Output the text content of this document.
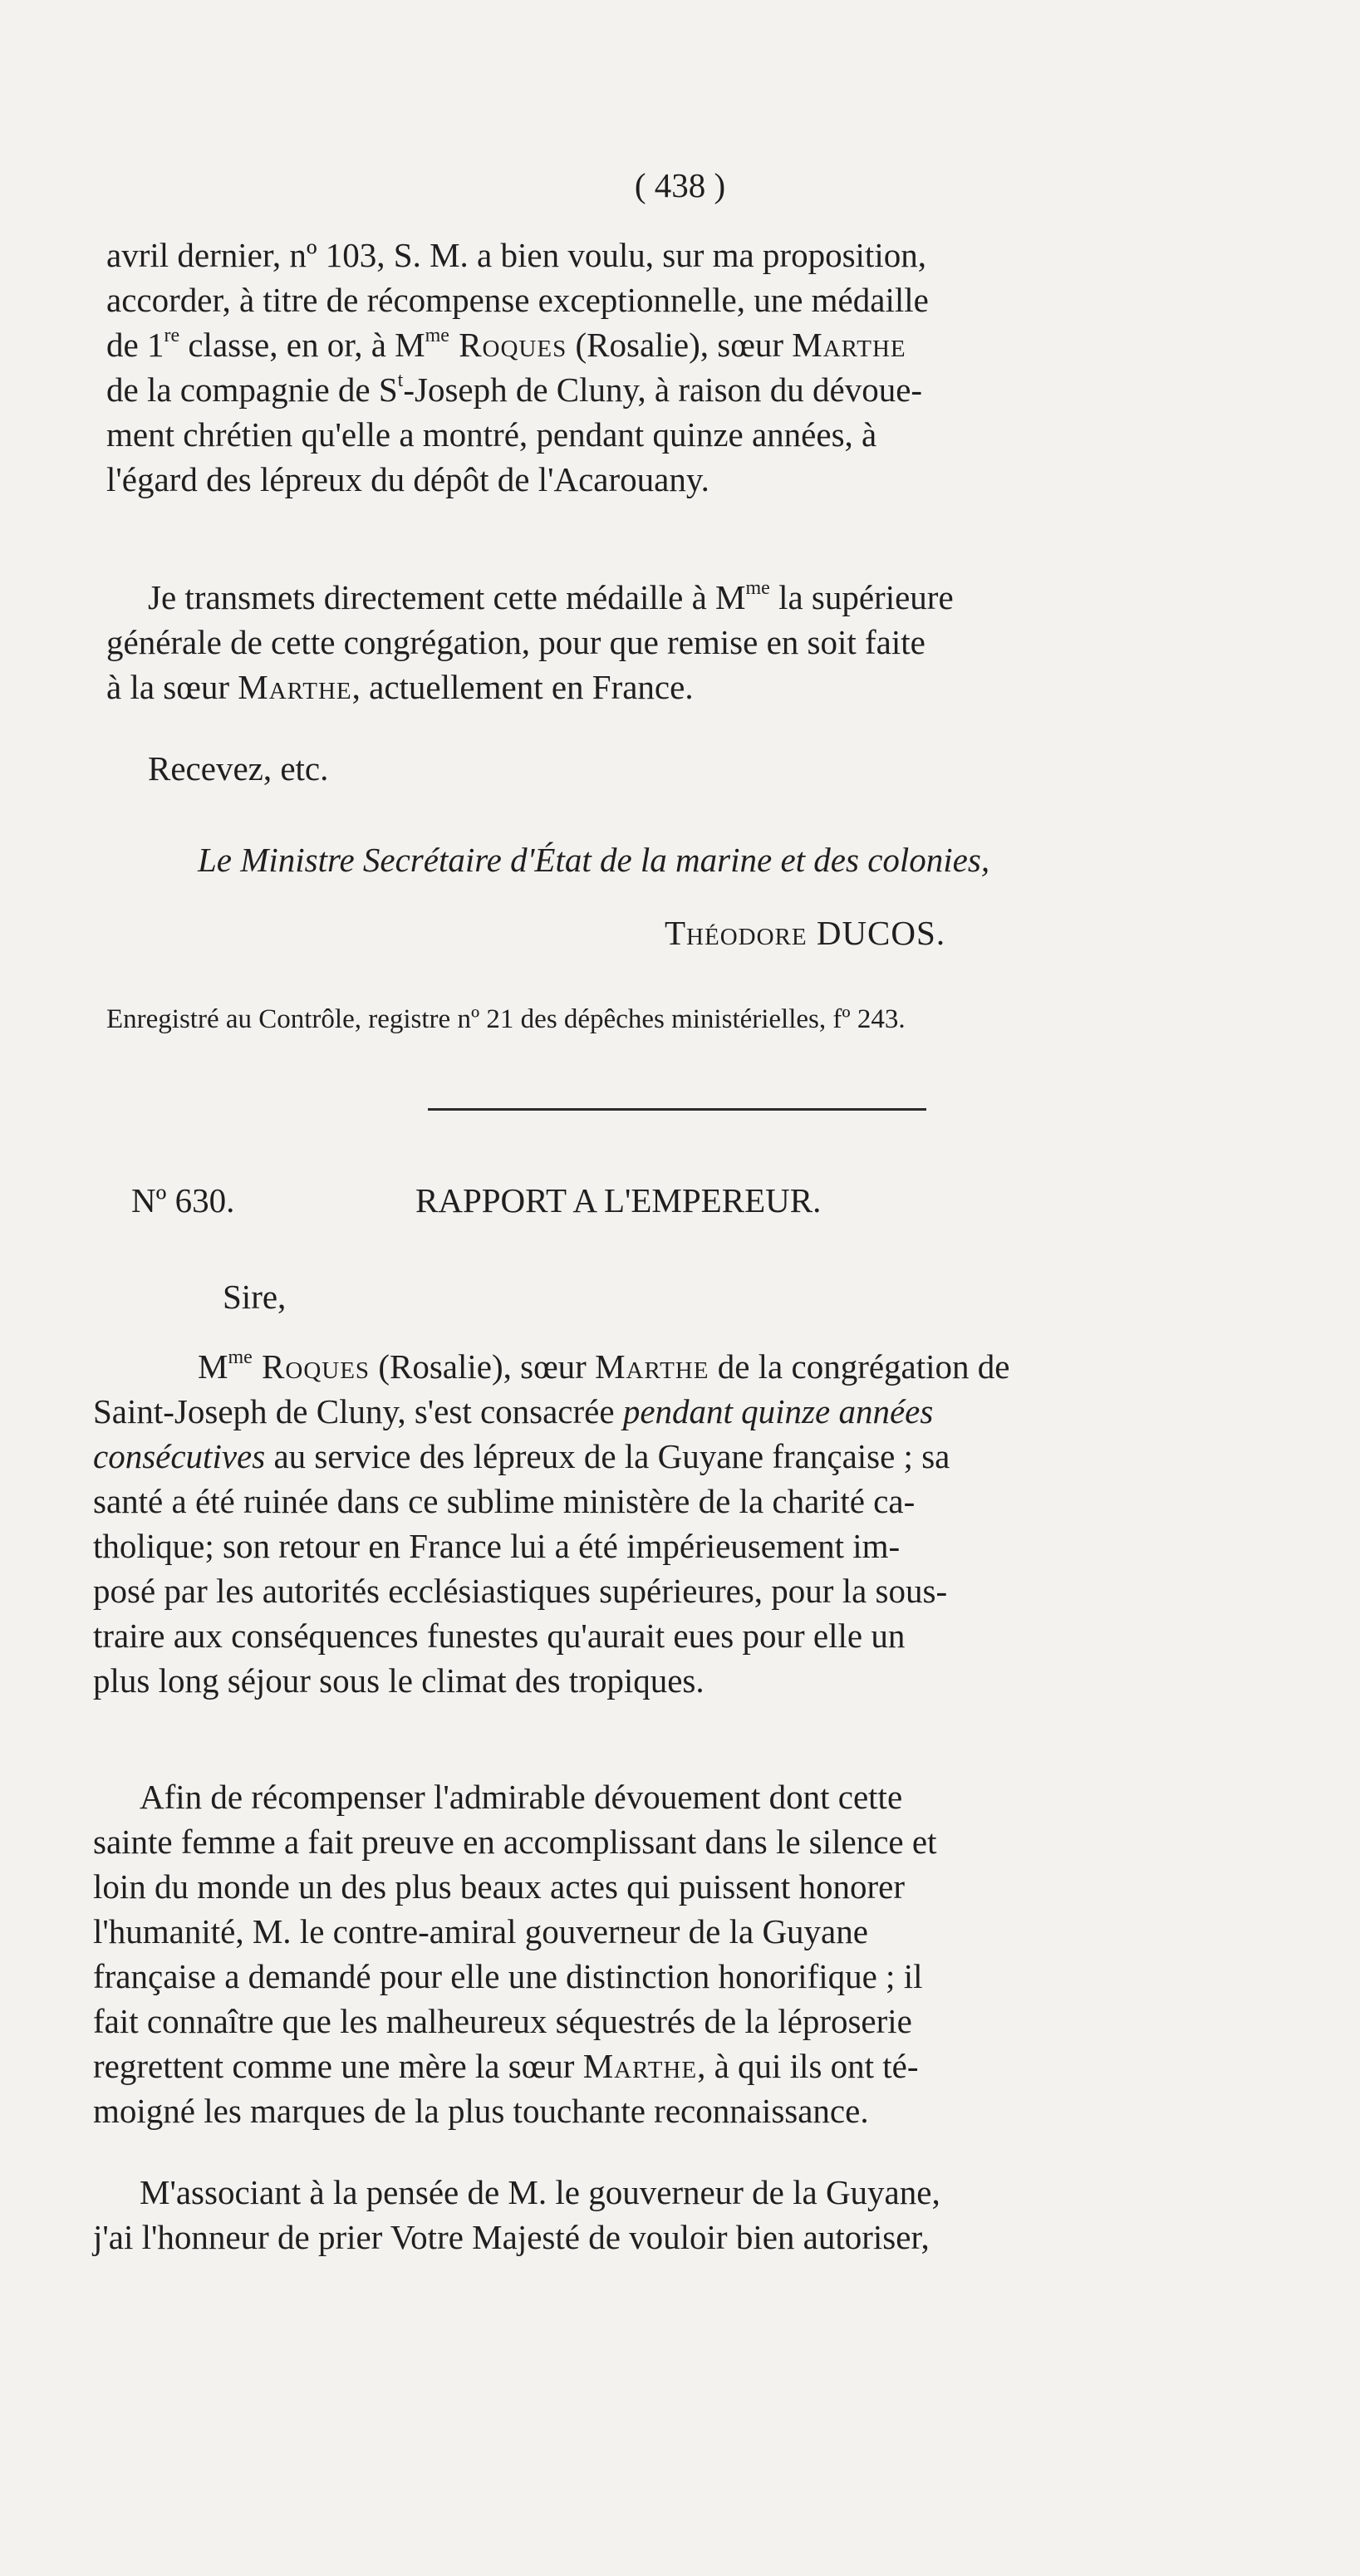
( 438 )
avril dernier, nº 103, S. M. a bien voulu, sur ma proposition,
accorder, à titre de récompense exceptionnelle, une médaille
de 1re classe, en or, à $M^{me}$ Roques (Rosalie), sœur Marthe
de la compagnie de $S^t$-Joseph de Cluny, à raison du dévoue-
ment chrétien qu'elle a montré, pendant quinze années, à
l'égard des lépreux du dépôt de l'Acarouany.
Je transmets directement cette médaille à $M^{me}$ la supérieure
générale de cette congrégation, pour que remise en soit faite
à la sœur Marthe, actuellement en France.
Recevez, etc.
Le Ministre Secrétaire d'État de la marine et des colonies,
Théodore DUCOS.
Enregistré au Contrôle, registre nº 21 des dépêches ministérielles, fº 243.
Nº 630.	RAPPORT A L'EMPEREUR.
Sire,
$M^{me}$ Roques (Rosalie), sœur Marthe de la congrégation de
Saint-Joseph de Cluny, s'est consacrée pendant quinze années
consécutives au service des lépreux de la Guyane française ; sa
santé a été ruinée dans ce sublime ministère de la charité ca-
tholique; son retour en France lui a été impérieusement im-
posé par les autorités ecclésiastiques supérieures, pour la sous-
traire aux conséquences funestes qu'aurait eues pour elle un
plus long séjour sous le climat des tropiques.
Afin de récompenser l'admirable dévouement dont cette
sainte femme a fait preuve en accomplissant dans le silence et
loin du monde un des plus beaux actes qui puissent honorer
l'humanité, M. le contre-amiral gouverneur de la Guyane
française a demandé pour elle une distinction honorifique ; il
fait connaître que les malheureux séquestrés de la léproserie
regrettent comme une mère la sœur Marthe, à qui ils ont té-
moigné les marques de la plus touchante reconnaissance.
M'associant à la pensée de M. le gouverneur de la Guyane,
j'ai l'honneur de prier Votre Majesté de vouloir bien autoriser,
